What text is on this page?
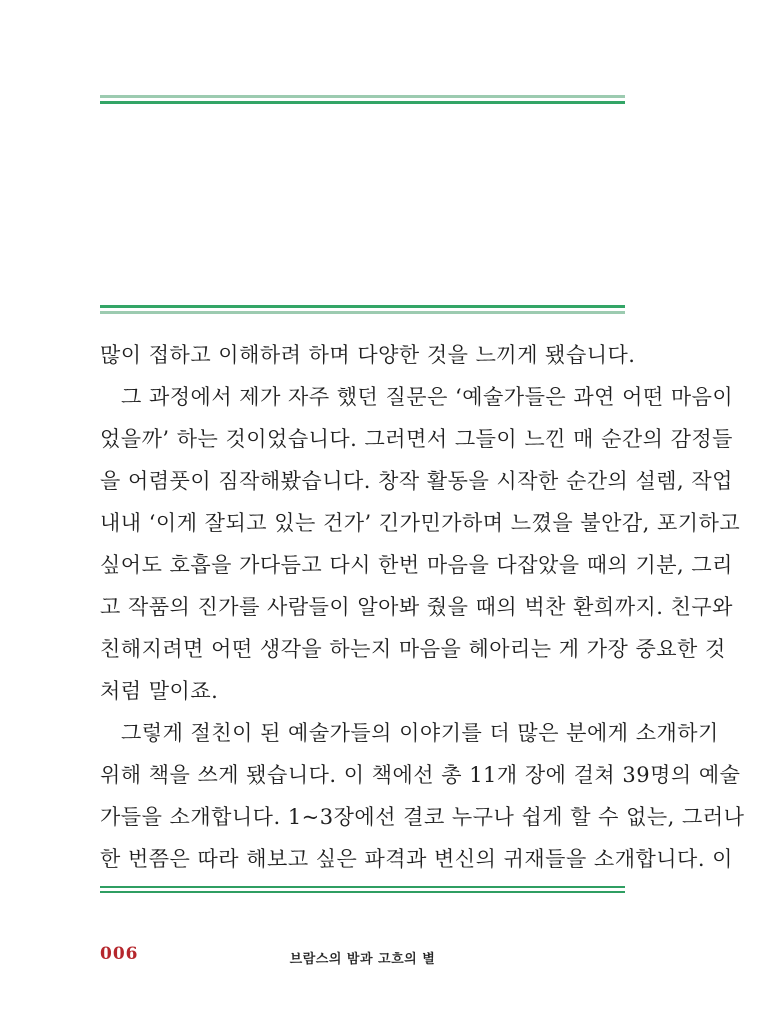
많이 접하고 이해하려 하며 다양한 것을 느끼게 됐습니다.
그 과정에서 제가 자주 했던 질문은 ‘예술가들은 과연 어떤 마음이
었을까’ 하는 것이었습니다. 그러면서 그들이 느낀 매 순간의 감정들
을 어렴풋이 짐작해봤습니다. 창작 활동을 시작한 순간의 설렘, 작업
내내 ‘이게 잘되고 있는 건가’ 긴가민가하며 느꼈을 불안감, 포기하고
싶어도 호흡을 가다듬고 다시 한번 마음을 다잡았을 때의 기분, 그리
고 작품의 진가를 사람들이 알아봐 줬을 때의 벅찬 환희까지. 친구와
친해지려면 어떤 생각을 하는지 마음을 헤아리는 게 가장 중요한 것
처럼 말이죠.
그렇게 절친이 된 예술가들의 이야기를 더 많은 분에게 소개하기
위해 책을 쓰게 됐습니다. 이 책에선 총 11개 장에 걸쳐 39명의 예술
가들을 소개합니다. 1~3장에선 결코 누구나 쉽게 할 수 없는, 그러나
한 번쯤은 따라 해보고 싶은 파격과 변신의 귀재들을 소개합니다. 이
006	브람스의 밤과 고흐의 별
